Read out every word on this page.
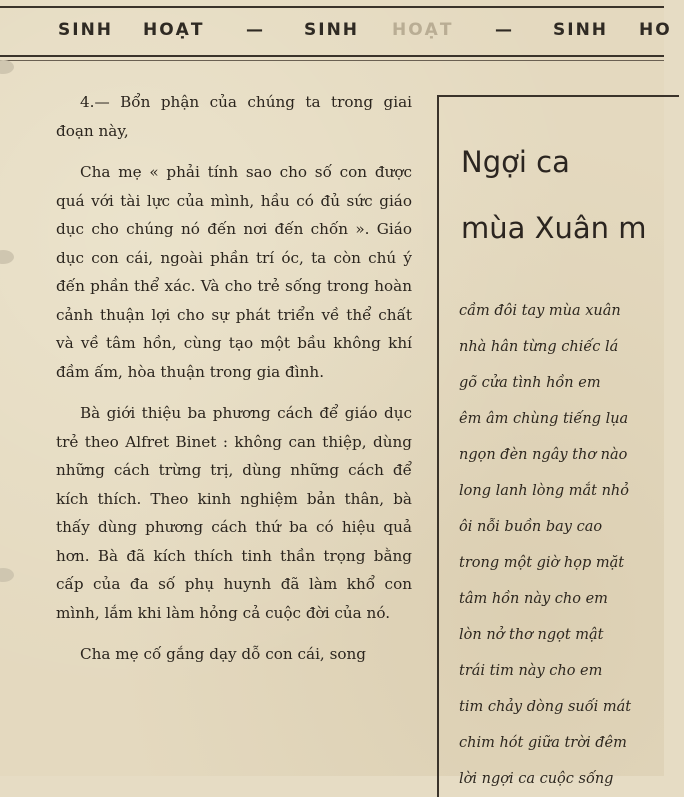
SINH HOẠT — SINH HOẠT — SINH HO

4.— Bổn phận của chúng ta trong giai đoạn này,

Cha mẹ « phải tính sao cho số con được quá với tài lực của mình, hầu có đủ sức giáo dục cho chúng nó đến nơi đến chốn ». Giáo dục con cái, ngoài phần trí óc, ta còn chú ý đến phần thể xác. Và cho trẻ sống trong hoàn cảnh thuận lợi cho sự phát triển về thể chất và về tâm hồn, cùng tạo một bầu không khí đầm ấm, hòa thuận trong gia đình.

Bà giới thiệu ba phương cách để giáo dục trẻ theo Alfret Binet : không can thiệp, dùng những cách trừng trị, dùng những cách để kích thích. Theo kinh nghiệm bản thân, bà thấy dùng phương cách thứ ba có hiệu quả hơn. Bà đã kích thích tinh thần trọng bằng cấp của đa số phụ huynh đã làm khổ con mình, lắm khi làm hỏng cả cuộc đời của nó.

Cha mẹ cố gắng dạy dỗ con cái, song

Ngợi ca
mùa Xuân m
cầm đôi tay mùa xuân
nhà hân từng chiếc lá
gõ cửa tình hồn em
êm âm chùng tiếng lụa
ngọn đèn ngây thơ nào
long lanh lòng mắt nhỏ
ôi nỗi buồn bay cao
trong một giờ họp mặt
tâm hồn này cho em
lòn nở thơ ngọt mật
trái tim này cho em
tim chảy dòng suối mát
chim hót giữa trời đêm
lời ngợi ca cuộc sống
